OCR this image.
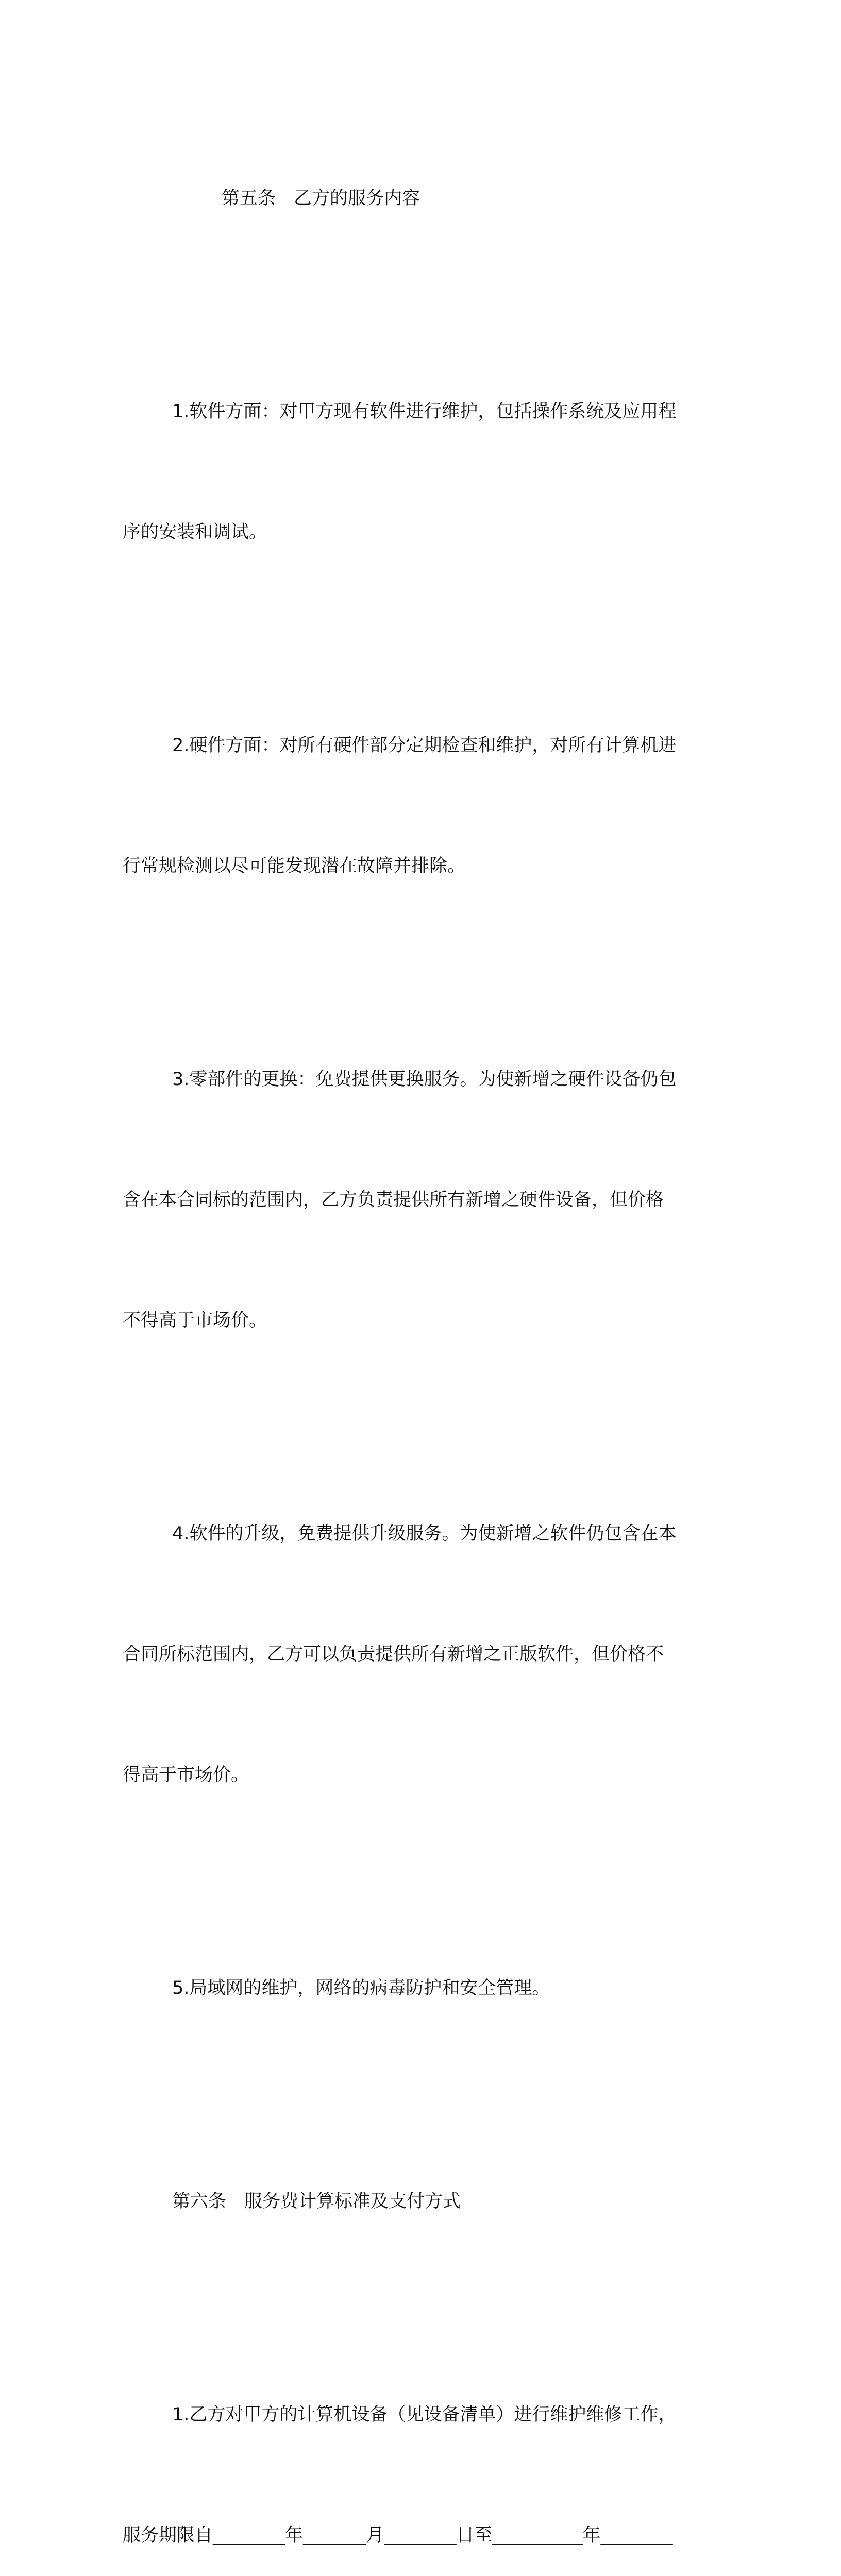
第五条　乙方的服务内容

1.软件方面：对甲方现有软件进行维护，包括操作系统及应用程

序的安装和调试。

2.硬件方面：对所有硬件部分定期检查和维护，对所有计算机进

行常规检测以尽可能发现潜在故障并排除。

3.零部件的更换：免费提供更换服务。为使新增之硬件设备仍包

含在本合同标的范围内，乙方负责提供所有新增之硬件设备，但价格

不得高于市场价。

4.软件的升级，免费提供升级服务。为使新增之软件仍包含在本

合同所标范围内，乙方可以负责提供所有新增之正版软件，但价格不

得高于市场价。

5.局域网的维护，网络的病毒防护和安全管理。

第六条　服务费计算标准及支付方式

1.乙方对甲方的计算机设备（见设备清单）进行维护维修工作，

服务期限自________年_______月________日至__________年________
